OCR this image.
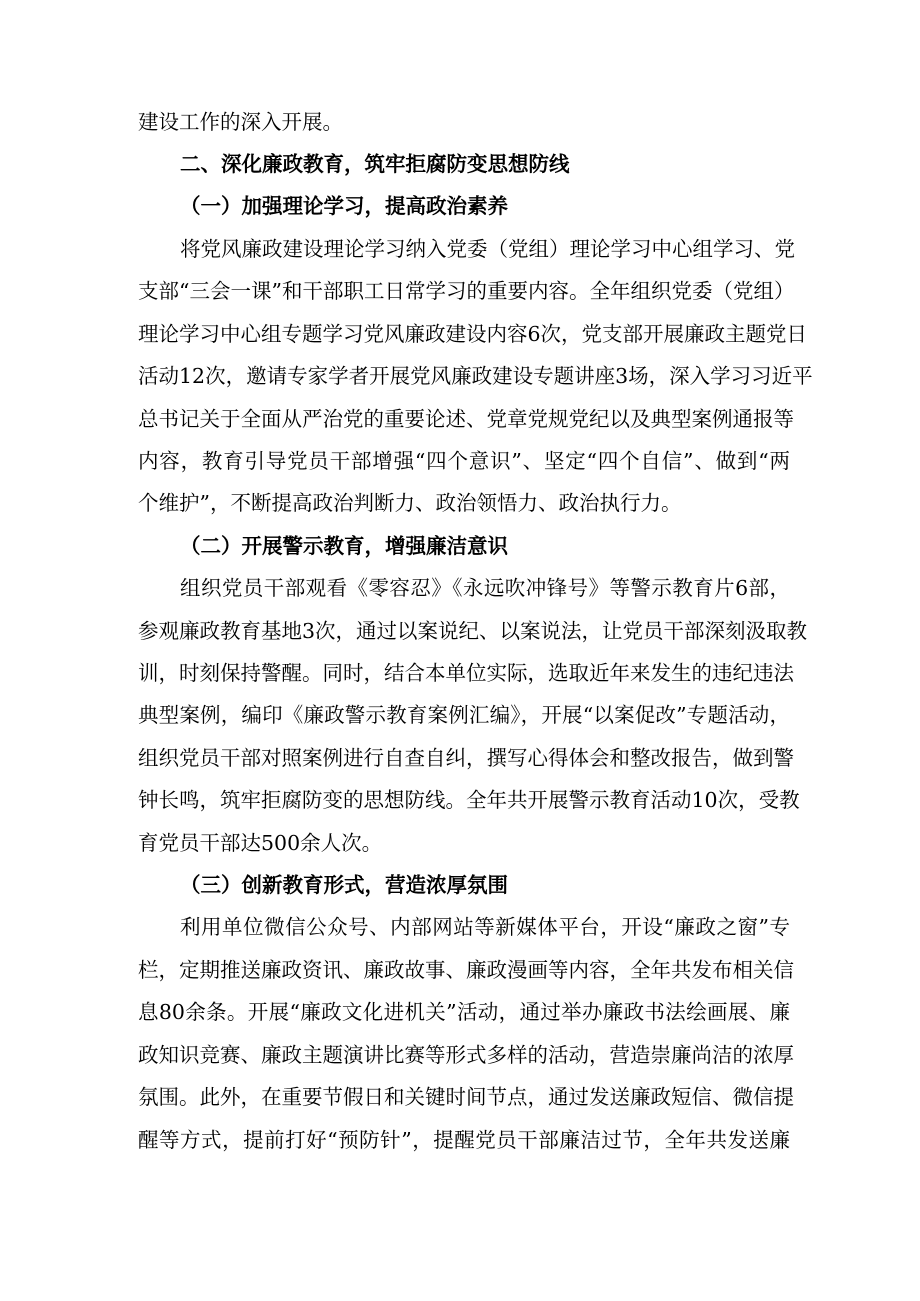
建设工作的深入开展。
二、深化廉政教育，筑牢拒腐防变思想防线
（一）加强理论学习，提高政治素养
将党风廉政建设理论学习纳入党委（党组）理论学习中心组学习、党
支部“三会一课”和干部职工日常学习的重要内容。全年组织党委（党组）
理论学习中心组专题学习党风廉政建设内容6次，党支部开展廉政主题党日
活动12次，邀请专家学者开展党风廉政建设专题讲座3场，深入学习习近平
总书记关于全面从严治党的重要论述、党章党规党纪以及典型案例通报等
内容，教育引导党员干部增强“四个意识”、坚定“四个自信”、做到“两
个维护”，不断提高政治判断力、政治领悟力、政治执行力。
（二）开展警示教育，增强廉洁意识
组织党员干部观看《零容忍》《永远吹冲锋号》等警示教育片6部，
参观廉政教育基地3次，通过以案说纪、以案说法，让党员干部深刻汲取教
训，时刻保持警醒。同时，结合本单位实际，选取近年来发生的违纪违法
典型案例，编印《廉政警示教育案例汇编》，开展“以案促改”专题活动，
组织党员干部对照案例进行自查自纠，撰写心得体会和整改报告，做到警
钟长鸣，筑牢拒腐防变的思想防线。全年共开展警示教育活动10次，受教
育党员干部达500余人次。
（三）创新教育形式，营造浓厚氛围
利用单位微信公众号、内部网站等新媒体平台，开设“廉政之窗”专
栏，定期推送廉政资讯、廉政故事、廉政漫画等内容，全年共发布相关信
息80余条。开展“廉政文化进机关”活动，通过举办廉政书法绘画展、廉
政知识竞赛、廉政主题演讲比赛等形式多样的活动，营造崇廉尚洁的浓厚
氛围。此外，在重要节假日和关键时间节点，通过发送廉政短信、微信提
醒等方式，提前打好“预防针”，提醒党员干部廉洁过节，全年共发送廉
